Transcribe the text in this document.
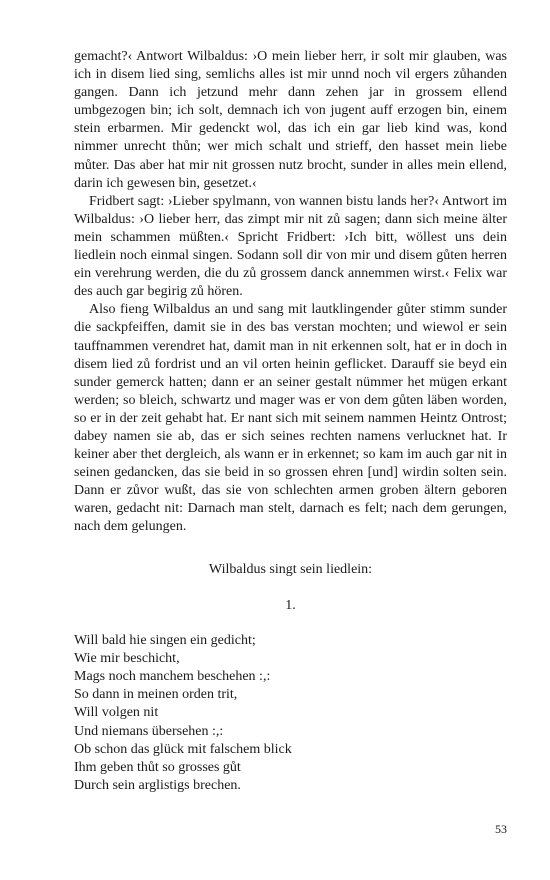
gemacht?‹ Antwort Wilbaldus: ›O mein lieber herr, ir solt mir glauben, was ich in disem lied sing, semlichs alles ist mir unnd noch vil ergers zůhanden gangen. Dann ich jetzund mehr dann zehen jar in grossem ellend umbgezogen bin; ich solt, demnach ich von jugent auff erzogen bin, einem stein erbarmen. Mir gedenckt wol, das ich ein gar lieb kind was, kond nimmer unrecht thůn; wer mich schalt und strieff, den hasset mein liebe můter. Das aber hat mir nit grossen nutz brocht, sunder in alles mein ellend, darin ich gewesen bin, gesetzet.‹

Fridbert sagt: ›Lieber spylmann, von wannen bistu lands her?‹ Antwort im Wilbaldus: ›O lieber herr, das zimpt mir nit zů sagen; dann sich meine älter mein schammen müßten.‹ Spricht Fridbert: ›Ich bitt, wöllest uns dein liedlein noch einmal singen. Sodann soll dir von mir und disem gůten herren ein verehrung werden, die du zů grossem danck annemmen wirst.‹ Felix war des auch gar begirig zů hören.

Also fieng Wilbaldus an und sang mit lautklingender gůter stimm sunder die sackpfeiffen, damit sie in des bas verstan mochten; und wiewol er sein tauffnammen verendret hat, damit man in nit erkennen solt, hat er in doch in disem lied zů fordrist und an vil orten heinin geflicket. Darauff sie beyd ein sunder gemerck hatten; dann er an seiner gestalt nümmer het mügen erkant werden; so bleich, schwartz und mager was er von dem gůten läben worden, so er in der zeit gehabt hat. Er nant sich mit seinem nammen Heintz Ontrost; dabey namen sie ab, das er sich seines rechten namens verlucknet hat. Ir keiner aber thet dergleich, als wann er in erkennet; so kam im auch gar nit in seinen gedancken, das sie beid in so grossen ehren [und] wirdin solten sein. Dann er zůvor wußt, das sie von schlechten armen groben ältern geboren waren, gedacht nit: Darnach man stelt, darnach es felt; nach dem gerungen, nach dem gelungen.

Wilbaldus singt sein liedlein:
1.
Will bald hie singen ein gedicht;
Wie mir beschicht,
Mags noch manchem beschehen :,:
So dann in meinen orden trit,
Will volgen nit
Und niemans übersehen :,:
Ob schon das glück mit falschem blick
Ihm geben thůt so grosses gůt
Durch sein arglistigs brechen.
53
